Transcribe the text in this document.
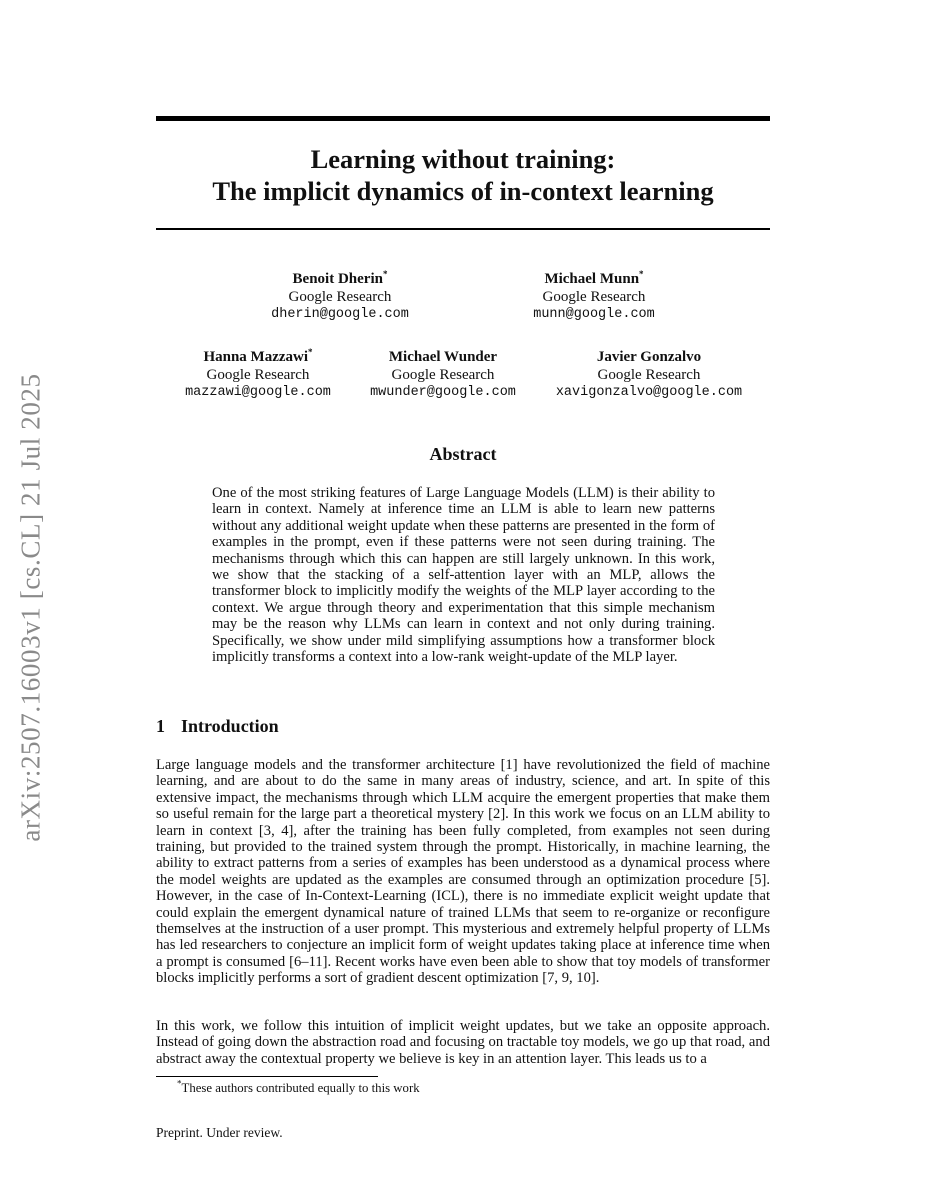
arXiv:2507.16003v1 [cs.CL] 21 Jul 2025
Learning without training:
The implicit dynamics of in-context learning
Benoit Dherin*
Google Research
dherin@google.com
Michael Munn*
Google Research
munn@google.com
Hanna Mazzawi*
Google Research
mazzawi@google.com
Michael Wunder
Google Research
mwunder@google.com
Javier Gonzalvo
Google Research
xavigonzalvo@google.com
Abstract
One of the most striking features of Large Language Models (LLM) is their ability to learn in context. Namely at inference time an LLM is able to learn new patterns without any additional weight update when these patterns are presented in the form of examples in the prompt, even if these patterns were not seen during training. The mechanisms through which this can happen are still largely unknown. In this work, we show that the stacking of a self-attention layer with an MLP, allows the transformer block to implicitly modify the weights of the MLP layer according to the context. We argue through theory and experimentation that this simple mechanism may be the reason why LLMs can learn in context and not only during training. Specifically, we show under mild simplifying assumptions how a transformer block implicitly transforms a context into a low-rank weight-update of the MLP layer.
1 Introduction

Large language models and the transformer architecture [1] have revolutionized the field of machine learning, and are about to do the same in many areas of industry, science, and art. In spite of this extensive impact, the mechanisms through which LLM acquire the emergent properties that make them so useful remain for the large part a theoretical mystery [2]. In this work we focus on an LLM ability to learn in context [3, 4], after the training has been fully completed, from examples not seen during training, but provided to the trained system through the prompt. Historically, in machine learning, the ability to extract patterns from a series of examples has been understood as a dynamical process where the model weights are updated as the examples are consumed through an optimization procedure [5]. However, in the case of In-Context-Learning (ICL), there is no immediate explicit weight update that could explain the emergent dynamical nature of trained LLMs that seem to re-organize or reconfigure themselves at the instruction of a user prompt. This mysterious and extremely helpful property of LLMs has led researchers to conjecture an implicit form of weight updates taking place at inference time when a prompt is consumed [6–11]. Recent works have even been able to show that toy models of transformer blocks implicitly performs a sort of gradient descent optimization [7, 9, 10].

In this work, we follow this intuition of implicit weight updates, but we take an opposite approach. Instead of going down the abstraction road and focusing on tractable toy models, we go up that road, and abstract away the contextual property we believe is key in an attention layer. This leads us to a

*These authors contributed equally to this work
Preprint. Under review.
